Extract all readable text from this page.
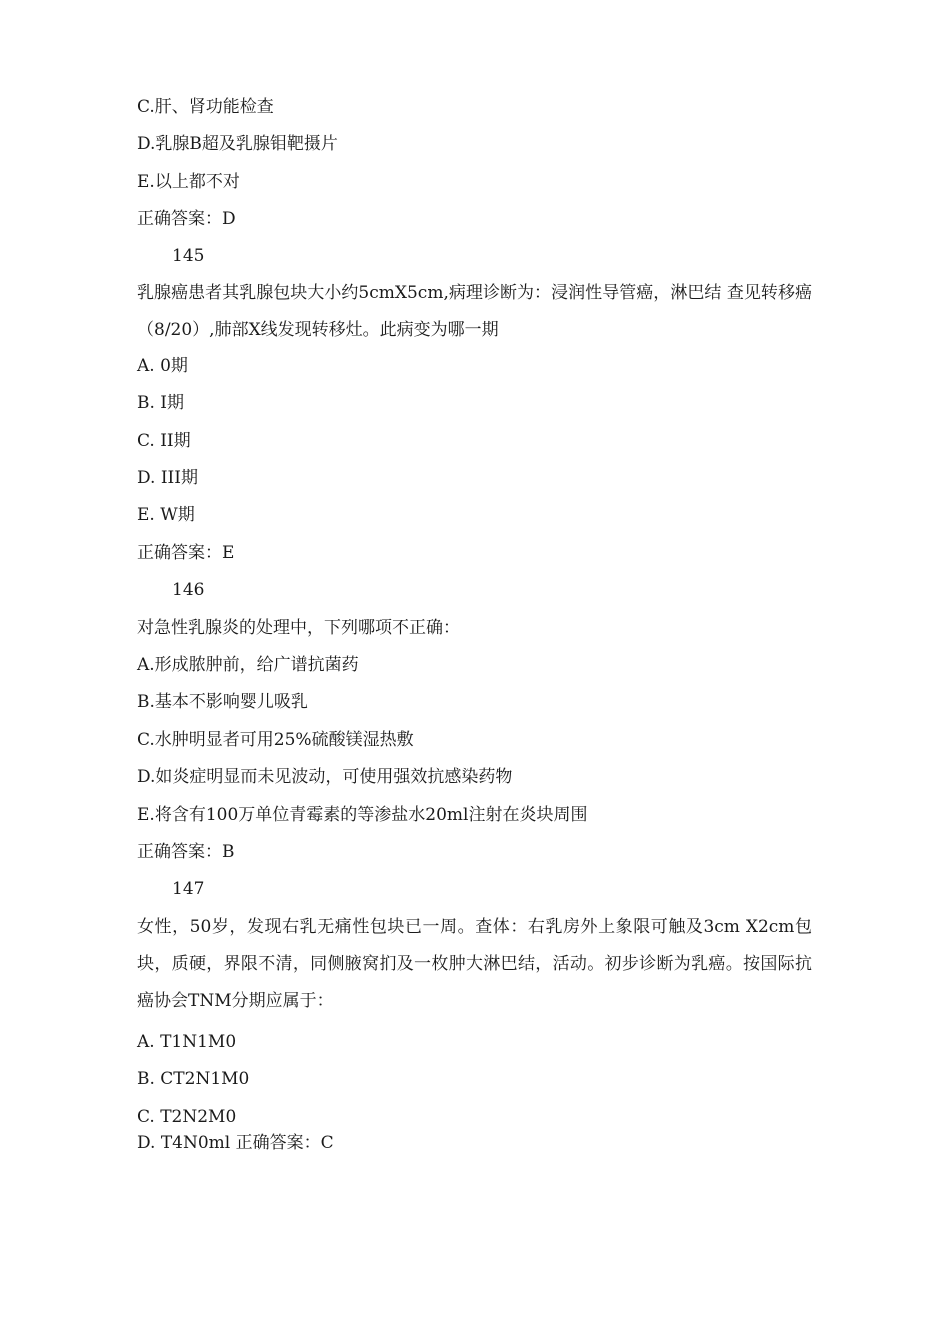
C.肝、肾功能检查
D.乳腺B超及乳腺钼靶摄片
E.以上都不对
正确答案：D
145
乳腺癌患者其乳腺包块大小约5cmX5cm,病理诊断为：浸润性导管癌，淋巴结 查见转移癌（8/20）,肺部X线发现转移灶。此病变为哪一期
A. 0期
B. I期
C. II期
D. III期
E. W期
正确答案：E
146
对急性乳腺炎的处理中，下列哪项不正确：
A.形成脓肿前，给广谱抗菌药
B.基本不影响婴儿吸乳
C.水肿明显者可用25%硫酸镁湿热敷
D.如炎症明显而未见波动，可使用强效抗感染药物
E.将含有100万单位青霉素的等渗盐水20ml注射在炎块周围
正确答案：B
147
女性，50岁，发现右乳无痛性包块已一周。查体：右乳房外上象限可触及3cm X2cm包块，质硬，界限不清，同侧腋窝扪及一枚肿大淋巴结，活动。初步诊断为乳癌。按国际抗癌协会TNM分期应属于：
A. T1N1M0
B. CT2N1M0
C. T2N2M0
D. T4N0ml 正确答案：C
